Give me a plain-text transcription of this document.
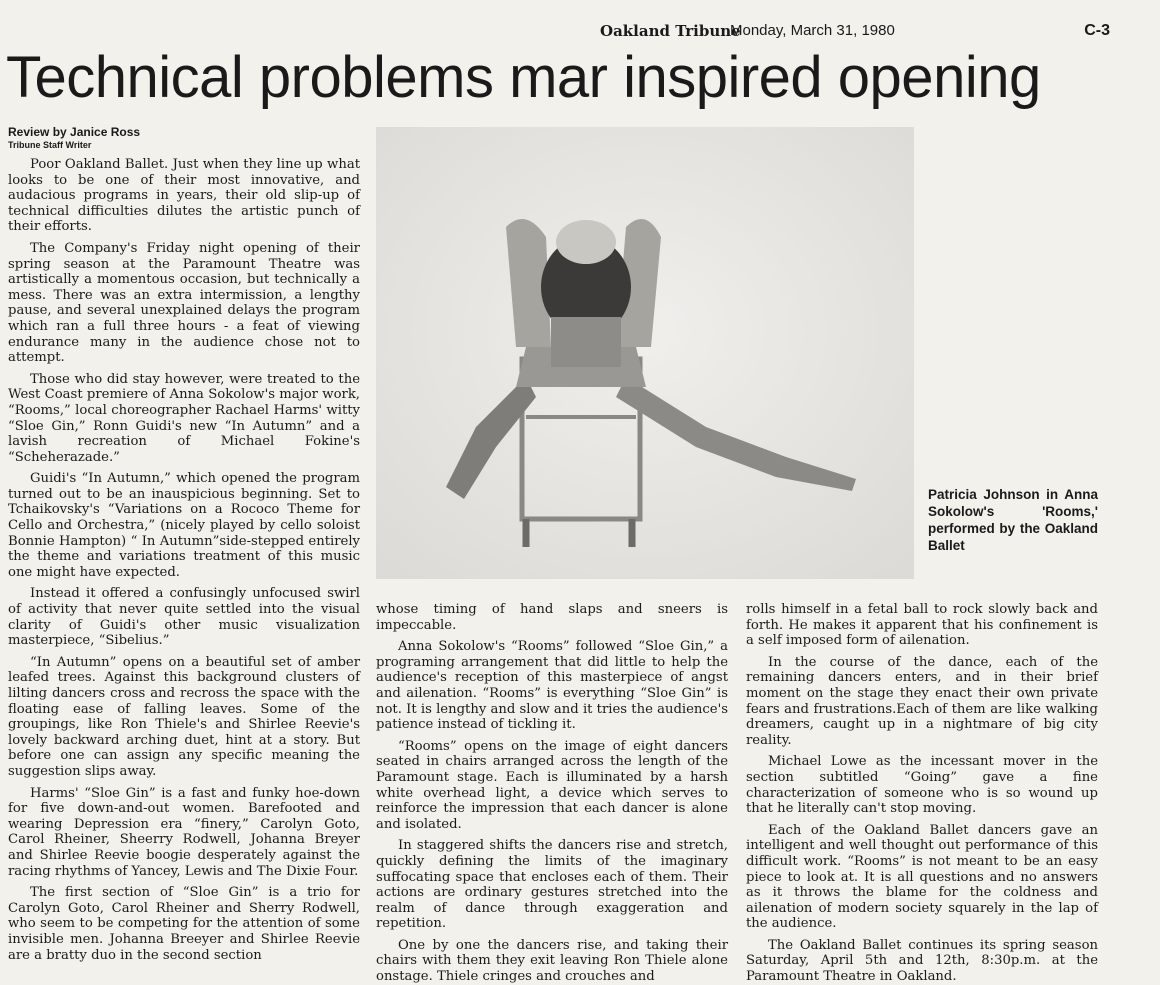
Oakland Tribune
Monday, March 31, 1980	C-3
Technical problems mar inspired opening
Review by Janice Ross
Tribune Staff Writer

Poor Oakland Ballet. Just when they line up what looks to be one of their most innovative, and audacious programs in years, their old slip-up of technical difficulties dilutes the artistic punch of their efforts.

The Company's Friday night opening of their spring season at the Paramount Theatre was artistically a momentous occasion, but technically a mess. There was an extra intermission, a lengthy pause, and several unexplained delays the program which ran a full three hours - a feat of viewing endurance many in the audience chose not to attempt.

Those who did stay however, were treated to the West Coast premiere of Anna Sokolow's major work, “Rooms,” local choreographer Rachael Harms' witty “Sloe Gin,” Ronn Guidi's new “In Autumn” and a lavish recreation of Michael Fokine's “Scheherazade.”

Guidi's “In Autumn,” which opened the program turned out to be an inauspicious beginning. Set to Tchaikovsky's “Variations on a Rococo Theme for Cello and Orchestra,” (nicely played by cello soloist Bonnie Hampton) “ In Autumn”side-stepped entirely the theme and variations treatment of this music one might have expected.

Instead it offered a confusingly unfocused swirl of activity that never quite settled into the visual clarity of Guidi's other music visualization masterpiece, “Sibelius.”

“In Autumn” opens on a beautiful set of amber leafed trees. Against this background clusters of lilting dancers cross and recross the space with the floating ease of falling leaves. Some of the groupings, like Ron Thiele's and Shirlee Reevie's lovely backward arching duet, hint at a story. But before one can assign any specific meaning the suggestion slips away.

Harms' “Sloe Gin” is a fast and funky hoe-down for five down-and-out women. Barefooted and wearing Depression era “finery,” Carolyn Goto, Carol Rheiner, Sheerry Rodwell, Johanna Breyer and Shirlee Reevie boogie desperately against the racing rhythms of Yancey, Lewis and The Dixie Four.

The first section of “Sloe Gin” is a trio for Carolyn Goto, Carol Rheiner and Sherry Rodwell, who seem to be competing for the attention of some invisible men. Johanna Breeyer and Shirlee Reevie are a bratty duo in the second section

Patricia Johnson in Anna Sokolow's 'Rooms,' performed by the Oakland Ballet

whose timing of hand slaps and sneers is impeccable.

Anna Sokolow's “Rooms” followed “Sloe Gin,” a programing arrangement that did little to help the audience's reception of this masterpiece of angst and ailenation. “Rooms” is everything “Sloe Gin” is not. It is lengthy and slow and it tries the audience's patience instead of tickling it.

“Rooms” opens on the image of eight dancers seated in chairs arranged across the length of the Paramount stage. Each is illuminated by a harsh white overhead light, a device which serves to reinforce the impression that each dancer is alone and isolated.

In staggered shifts the dancers rise and stretch, quickly defining the limits of the imaginary suffocating space that encloses each of them. Their actions are ordinary gestures stretched into the realm of dance through exaggeration and repetition.

One by one the dancers rise, and taking their chairs with them they exit leaving Ron Thiele alone onstage. Thiele cringes and crouches and

rolls himself in a fetal ball to rock slowly back and forth. He makes it apparent that his confinement is a self imposed form of ailenation.

In the course of the dance, each of the remaining dancers enters, and in their brief moment on the stage they enact their own private fears and frustrations.Each of them are like walking dreamers, caught up in a nightmare of big city reality.

Michael Lowe as the incessant mover in the section subtitled “Going” gave a fine characterization of someone who is so wound up that he literally can't stop moving.

Each of the Oakland Ballet dancers gave an intelligent and well thought out performance of this difficult work. “Rooms” is not meant to be an easy piece to look at. It is all questions and no answers as it throws the blame for the coldness and ailenation of modern society squarely in the lap of the audience.

The Oakland Ballet continues its spring season Saturday, April 5th and 12th, 8:30p.m. at the Paramount Theatre in Oakland.
